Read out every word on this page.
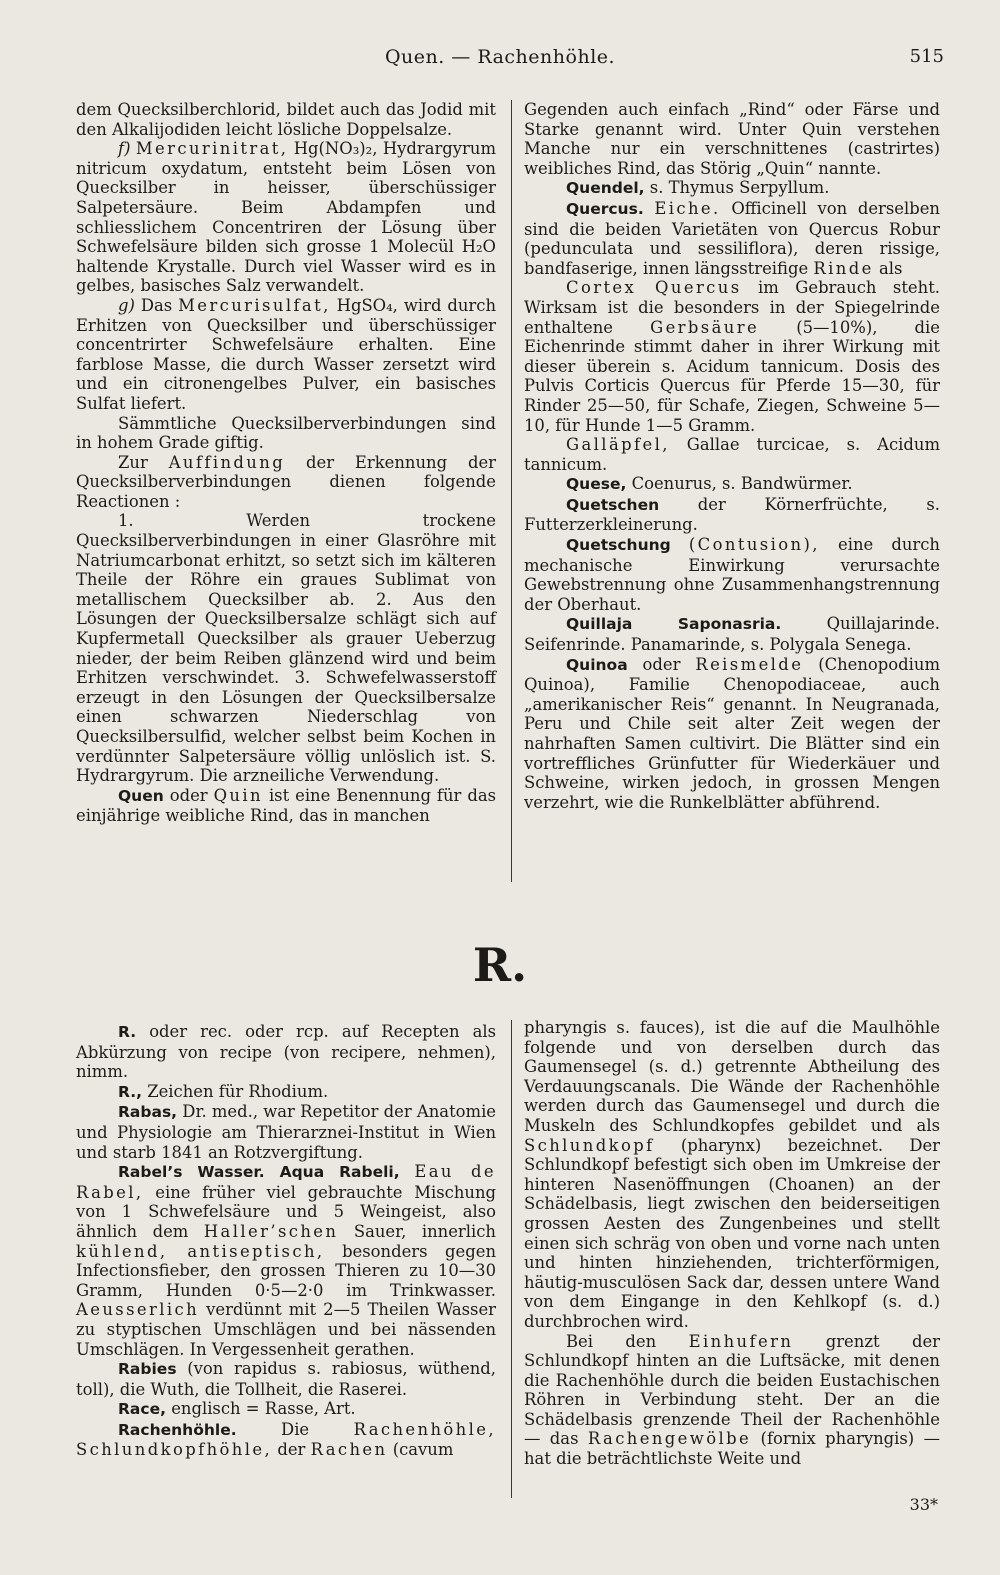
Quen. — Rachenhöhle.	515

dem Quecksilberchlorid, bildet auch das Jodid mit den Alkalijodiden leicht lösliche Doppelsalze.

f) Mercurinitrat, Hg(NO₃)₂, Hydrargyrum nitricum oxydatum, entsteht beim Lösen von Quecksilber in heisser, überschüssiger Salpetersäure. Beim Abdampfen und schliesslichem Concentriren der Lösung über Schwefelsäure bilden sich grosse 1 Molecül H₂O haltende Krystalle. Durch viel Wasser wird es in gelbes, basisches Salz verwandelt.

g) Das Mercurisulfat, HgSO₄, wird durch Erhitzen von Quecksilber und überschüssiger concentrirter Schwefelsäure erhalten. Eine farblose Masse, die durch Wasser zersetzt wird und ein citronengelbes Pulver, ein basisches Sulfat liefert.

Sämmtliche Quecksilberverbindungen sind in hohem Grade giftig.

Zur Auffindung der Erkennung der Quecksilberverbindungen dienen folgende Reactionen :

1. Werden trockene Quecksilberverbindungen in einer Glasröhre mit Natriumcarbonat erhitzt, so setzt sich im kälteren Theile der Röhre ein graues Sublimat von metallischem Quecksilber ab. 2. Aus den Lösungen der Quecksilbersalze schlägt sich auf Kupfermetall Quecksilber als grauer Ueberzug nieder, der beim Reiben glänzend wird und beim Erhitzen verschwindet. 3. Schwefelwasserstoff erzeugt in den Lösungen der Quecksilbersalze einen schwarzen Niederschlag von Quecksilbersulfid, welcher selbst beim Kochen in verdünnter Salpetersäure völlig unlöslich ist. S. Hydrargyrum. Die arzneiliche Verwendung.

Quen oder Quin ist eine Benennung für das einjährige weibliche Rind, das in manchen

Gegenden auch einfach „Rind“ oder Färse und Starke genannt wird. Unter Quin verstehen Manche nur ein verschnittenes (castrirtes) weibliches Rind, das Störig „Quin“ nannte.

Quendel, s. Thymus Serpyllum.

Quercus. Eiche. Officinell von derselben sind die beiden Varietäten von Quercus Robur (pedunculata und sessiliflora), deren rissige, bandfaserige, innen längsstreifige Rinde als

Cortex Quercus im Gebrauch steht. Wirksam ist die besonders in der Spiegelrinde enthaltene Gerbsäure (5—10%), die Eichenrinde stimmt daher in ihrer Wirkung mit dieser überein s. Acidum tannicum. Dosis des Pulvis Corticis Quercus für Pferde 15—30, für Rinder 25—50, für Schafe, Ziegen, Schweine 5—10, für Hunde 1—5 Gramm.

Galläpfel, Gallae turcicae, s. Acidum tannicum.

Quese, Coenurus, s. Bandwürmer.

Quetschen der Körnerfrüchte, s. Futterzerkleinerung.

Quetschung (Contusion), eine durch mechanische Einwirkung verursachte Gewebstrennung ohne Zusammenhangstrennung der Oberhaut.

Quillaja Saponasria.	Quillajarinde. Seifenrinde. Panamarinde, s. Polygala Senega.

Quinoa oder Reismelde (Chenopodium Quinoa), Familie Chenopodiaceae, auch „amerikanischer Reis“ genannt. In Neugranada, Peru und Chile seit alter Zeit wegen der nahrhaften Samen cultivirt. Die Blätter sind ein vortreffliches Grünfutter für Wiederkäuer und Schweine, wirken jedoch, in grossen Mengen verzehrt, wie die Runkelblätter abführend.

R.

R. oder rec. oder rcp. auf Recepten als Abkürzung von recipe (von recipere, nehmen), nimm.

R., Zeichen für Rhodium.

Rabas, Dr. med., war Repetitor der Anatomie und Physiologie am Thierarznei-Institut in Wien und starb 1841 an Rotzvergiftung.

Rabel’s Wasser. Aqua Rabeli, Eau de Rabel, eine früher viel gebrauchte Mischung von 1 Schwefelsäure und 5 Weingeist, also ähnlich dem Haller’schen Sauer, innerlich kühlend, antiseptisch, besonders gegen Infectionsfieber, den grossen Thieren zu 10—30 Gramm, Hunden 0·5—2·0 im Trinkwasser. Aeusserlich verdünnt mit 2—5 Theilen Wasser zu styptischen Umschlägen und bei nässenden Umschlägen. In Vergessenheit gerathen.

Rabies (von rapidus s. rabiosus, wüthend, toll), die Wuth, die Tollheit, die Raserei.

Race, englisch = Rasse, Art.

Rachenhöhle.	Die	Rachenhöhle, Schlundkopfhöhle, der Rachen (cavum

pharyngis s. fauces), ist die auf die Maulhöhle folgende und von derselben durch das Gaumensegel (s. d.) getrennte Abtheilung des Verdauungscanals. Die Wände der Rachenhöhle werden durch das Gaumensegel und durch die Muskeln des Schlundkopfes gebildet und als Schlundkopf (pharynx) bezeichnet. Der Schlundkopf befestigt sich oben im Umkreise der hinteren Nasenöffnungen (Choanen) an der Schädelbasis, liegt zwischen den beiderseitigen grossen Aesten des Zungenbeines und stellt einen sich schräg von oben und vorne nach unten und hinten hinziehenden, trichterförmigen, häutig-musculösen Sack dar, dessen untere Wand von dem Eingange in den Kehlkopf (s. d.) durchbrochen wird.

Bei den Einhufern grenzt der Schlundkopf hinten an die Luftsäcke, mit denen die Rachenhöhle durch die beiden Eustachischen Röhren in Verbindung steht. Der an die Schädelbasis grenzende Theil der Rachenhöhle — das Rachengewölbe (fornix pharyngis) — hat die beträchtlichste Weite und

33*
